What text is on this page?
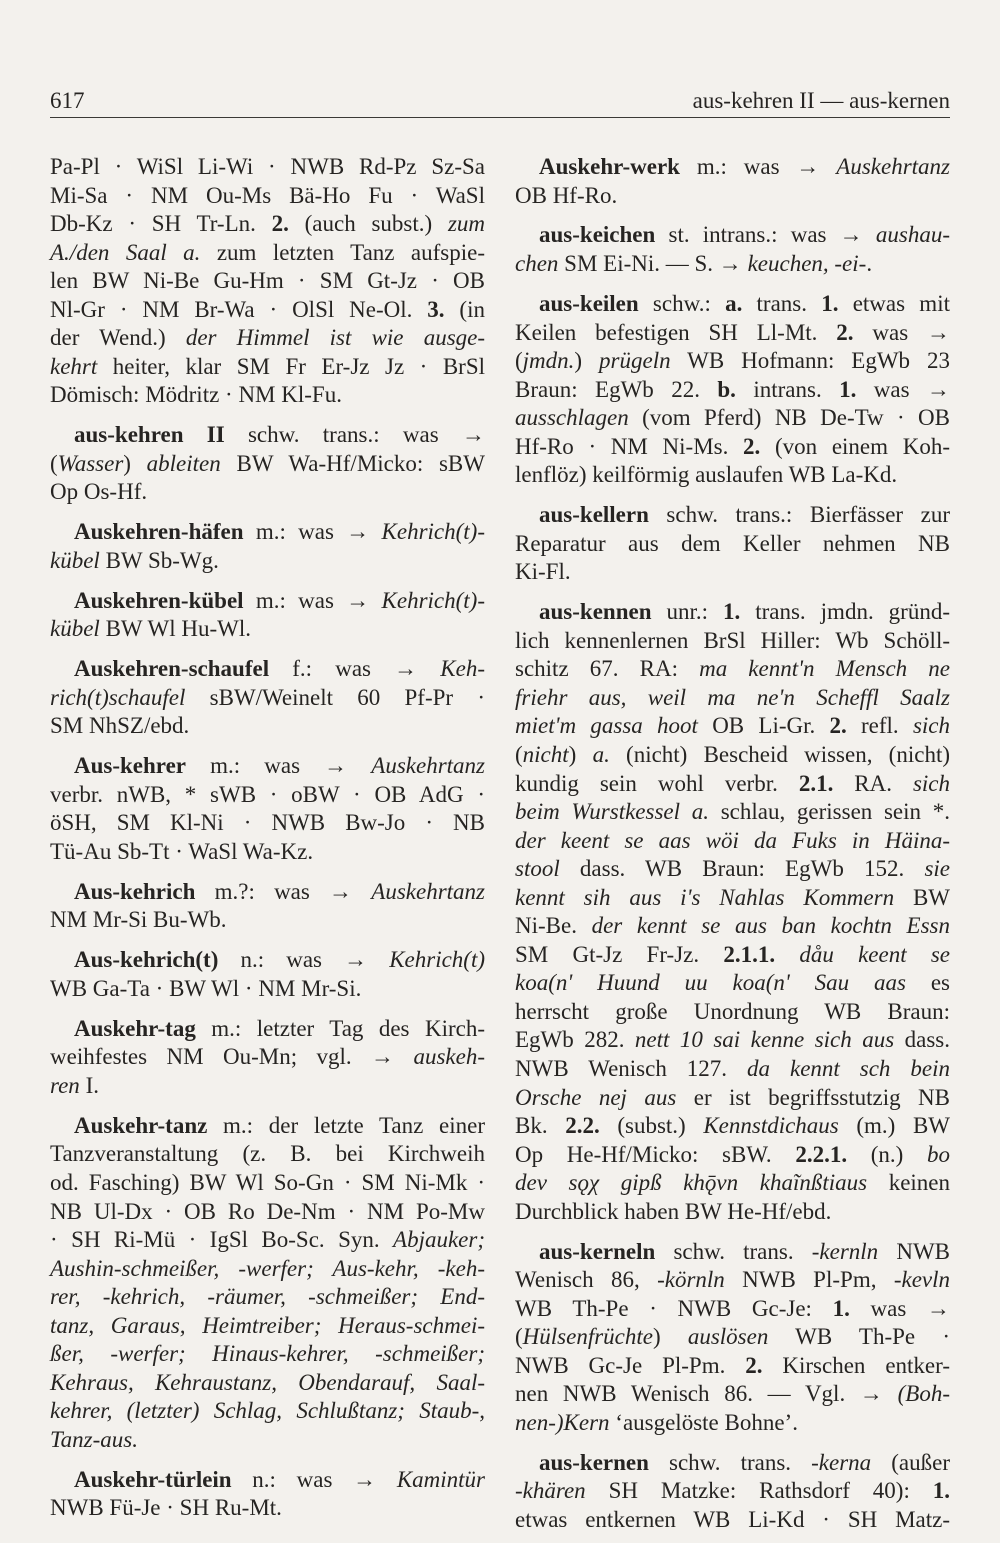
617	aus-kehren II — aus-kernen
Pa-Pl · WiSl Li-Wi · NWB Rd-Pz Sz-Sa
Mi-Sa · NM Ou-Ms Bä-Ho Fu · WaSl
Db-Kz · SH Tr-Ln. 2. (auch subst.) zum
A./den Saal a. zum letzten Tanz aufspie-
len BW Ni-Be Gu-Hm · SM Gt-Jz · OB
Nl-Gr · NM Br-Wa · OlSl Ne-Ol. 3. (in
der Wend.) der Himmel ist wie ausge-
kehrt heiter, klar SM Fr Er-Jz Jz · BrSl
Dömisch: Mödritz · NM Kl-Fu.
aus-kehren II schw. trans.: was →
(Wasser) ableiten BW Wa-Hf/Micko: sBW
Op Os-Hf.
Auskehren-häfen m.: was → Kehrich(t)-
kübel BW Sb-Wg.
Auskehren-kübel m.: was → Kehrich(t)-
kübel BW Wl Hu-Wl.
Auskehren-schaufel f.: was → Keh-
rich(t)schaufel sBW/Weinelt 60 Pf-Pr ·
SM NhSZ/ebd.
Aus-kehrer m.: was → Auskehrtanz
verbr. nWB, * sWB · oBW · OB AdG ·
öSH, SM Kl-Ni · NWB Bw-Jo · NB
Tü-Au Sb-Tt · WaSl Wa-Kz.
Aus-kehrich m.?: was → Auskehrtanz
NM Mr-Si Bu-Wb.
Aus-kehrich(t) n.: was → Kehrich(t)
WB Ga-Ta · BW Wl · NM Mr-Si.
Auskehr-tag m.: letzter Tag des Kirch-
weihfestes NM Ou-Mn; vgl. → auskeh-
ren I.
Auskehr-tanz m.: der letzte Tanz einer
Tanzveranstaltung (z. B. bei Kirchweih
od. Fasching) BW Wl So-Gn · SM Ni-Mk ·
NB Ul-Dx · OB Ro De-Nm · NM Po-Mw
· SH Ri-Mü · IgSl Bo-Sc. Syn. Abjauker;
Aushin-schmeißer, -werfer; Aus-kehr, -keh-
rer, -kehrich, -räumer, -schmeißer; End-
tanz, Garaus, Heimtreiber; Heraus-schmei-
ßer, -werfer; Hinaus-kehrer, -schmeißer;
Kehraus, Kehraustanz, Obendarauf, Saal-
kehrer, (letzter) Schlag, Schlußtanz; Staub-,
Tanz-aus.
Auskehr-türlein n.: was → Kamintür
NWB Fü-Je · SH Ru-Mt.
Auskehr-werk m.: was → Auskehrtanz
OB Hf-Ro.
aus-keichen st. intrans.: was → aushau-
chen SM Ei-Ni. — S. → keuchen, -ei-.
aus-keilen schw.: a. trans. 1. etwas mit
Keilen befestigen SH Ll-Mt. 2. was →
(jmdn.) prügeln WB Hofmann: EgWb 23
Braun: EgWb 22. b. intrans. 1. was →
ausschlagen (vom Pferd) NB De-Tw · OB
Hf-Ro · NM Ni-Ms. 2. (von einem Koh-
lenflöz) keilförmig auslaufen WB La-Kd.
aus-kellern schw. trans.: Bierfässer zur
Reparatur aus dem Keller nehmen NB
Ki-Fl.
aus-kennen unr.: 1. trans. jmdn. gründ-
lich kennenlernen BrSl Hiller: Wb Schöll-
schitz 67. RA: ma kennt'n Mensch ne
friehr aus, weil ma ne'n Scheffl Saalz
miet'm gassa hoot OB Li-Gr. 2. refl. sich
(nicht) a. (nicht) Bescheid wissen, (nicht)
kundig sein wohl verbr. 2.1. RA. sich
beim Wurstkessel a. schlau, gerissen sein *.
der keent se aas wöi da Fuks in Häina-
stool dass. WB Braun: EgWb 152. sie
kennt sih aus i's Nahlas Kommern BW
Ni-Be. der kennt se aus ban kochtn Essn
SM Gt-Jz Fr-Jz. 2.1.1. dåu keent se
koa(n' Huund uu koa(n' Sau aas es
herrscht große Unordnung WB Braun:
EgWb 282. nett 10 sai kenne sich aus dass.
NWB Wenisch 127. da kennt sch bein
Orsche nej aus er ist begriffsstutzig NB
Bk. 2.2. (subst.) Kennstdichaus (m.) BW
Op He-Hf/Micko: sBW. 2.2.1. (n.) bo
dev sǫχ gipß khǭvn khaĩnßtiaus keinen
Durchblick haben BW He-Hf/ebd.
aus-kerneln schw. trans. -kernln NWB
Wenisch 86, -körnln NWB Pl-Pm, -kevln
WB Th-Pe · NWB Gc-Je: 1. was →
(Hülsenfrüchte) auslösen WB Th-Pe ·
NWB Gc-Je Pl-Pm. 2. Kirschen entker-
nen NWB Wenisch 86. — Vgl. → (Boh-
nen-)Kern ‘ausgelöste Bohne’.
aus-kernen schw. trans. -kerna (außer
-khären SH Matzke: Rathsdorf 40): 1.
etwas entkernen WB Li-Kd · SH Matz-
